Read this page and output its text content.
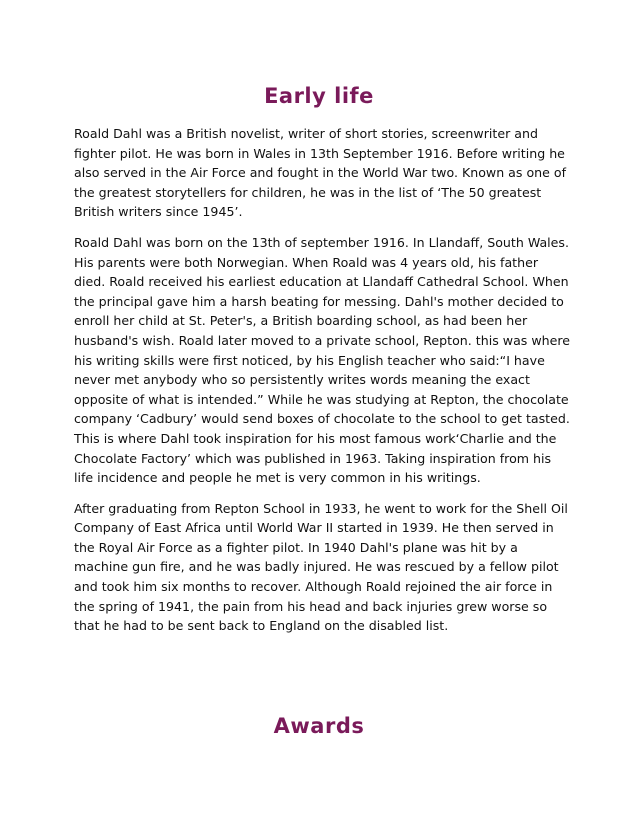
Early life

Roald Dahl was a British novelist, writer of short stories, screenwriter and fighter pilot. He was born in Wales in 13th September 1916. Before writing he also served in the Air Force and fought in the World War two. Known as one of the greatest storytellers for children, he was in the list of ‘The 50 greatest British writers since 1945’.

Roald Dahl was born on the 13th of september 1916. In Llandaff, South Wales. His parents were both Norwegian. When Roald was 4 years old, his father died. Roald received his earliest education at Llandaff Cathedral School. When the principal gave him a harsh beating for messing. Dahl's mother decided to enroll her child at St. Peter's, a British boarding school, as had been her husband's wish. Roald later moved to a private school, Repton. this was where his writing skills were first noticed, by his English teacher who said:“I have never met anybody who so persistently writes words meaning the exact opposite of what is intended.” While he was studying at Repton, the chocolate company ‘Cadbury’ would send boxes of chocolate to the school to get tasted. This is where Dahl took inspiration for his most famous work‘Charlie and the Chocolate Factory’ which was published in 1963. Taking inspiration from his life incidence and people he met is very common in his writings.

After graduating from Repton School in 1933, he went to work for the Shell Oil Company of East Africa until World War II started in 1939. He then served in the Royal Air Force as a fighter pilot. In 1940 Dahl's plane was hit by a machine gun fire, and he was badly injured. He was rescued by a fellow pilot and took him six months to recover. Although Roald rejoined the air force in the spring of 1941, the pain from his head and back injuries grew worse so that he had to be sent back to England on the disabled list.

Awards
